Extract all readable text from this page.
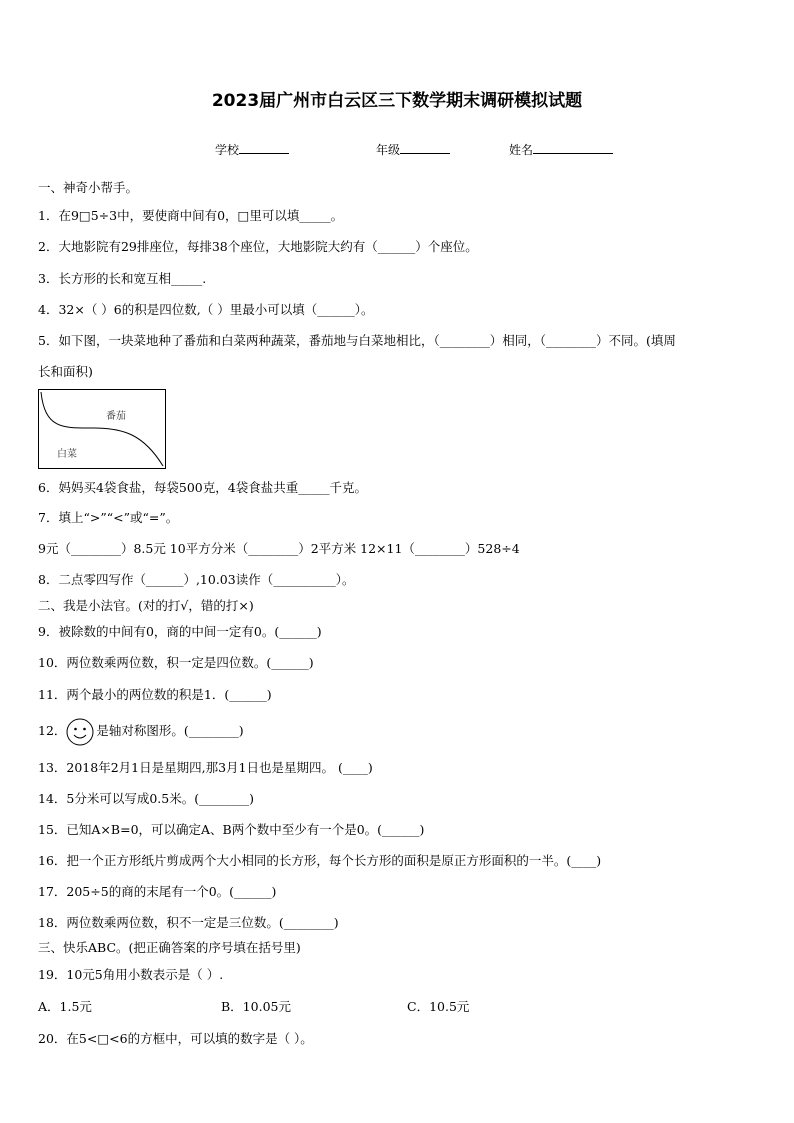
2023届广州市白云区三下数学期末调研模拟试题
学校	年级	姓名
一、神奇小帮手。
1．在9□5÷3中，要使商中间有0，□里可以填_____。
2．大地影院有29排座位，每排38个座位，大地影院大约有（______）个座位。
3．长方形的长和宽互相_____.
4．32×（ ）6的积是四位数,（ ）里最小可以填（______）。
5．如下图，一块菜地种了番茄和白菜两种蔬菜，番茄地与白菜地相比，（________）相同，（________）不同。(填周
长和面积)
番茄
白菜
6．妈妈买4袋食盐，每袋500克，4袋食盐共重_____千克。
7．填上“>”“<”或“=”。
9元（________）8.5元 10平方分米（________）2平方米 12×11（________）528÷4
8．二点零四写作（______）,10.03读作（__________）。
二、我是小法官。(对的打√，错的打×)
9．被除数的中间有0，商的中间一定有0。(______)
10．两位数乘两位数，积一定是四位数。(______)
11．两个最小的两位数的积是1．(______)
12． 是轴对称图形。(________)
13．2018年2月1日是星期四,那3月1日也是星期四。 (____)
14．5分米可以写成0.5米。(________)
15．已知A×B=0，可以确定A、B两个数中至少有一个是0。(______)
16．把一个正方形纸片剪成两个大小相同的长方形，每个长方形的面积是原正方形面积的一半。(____)
17．205÷5的商的末尾有一个0。(______)
18．两位数乘两位数，积不一定是三位数。(________)
三、快乐ABC。(把正确答案的序号填在括号里)
19．10元5角用小数表示是（ ）.
A．1.5元	B．10.05元	C．10.5元
20．在5<□<6的方框中，可以填的数字是（ ）。
